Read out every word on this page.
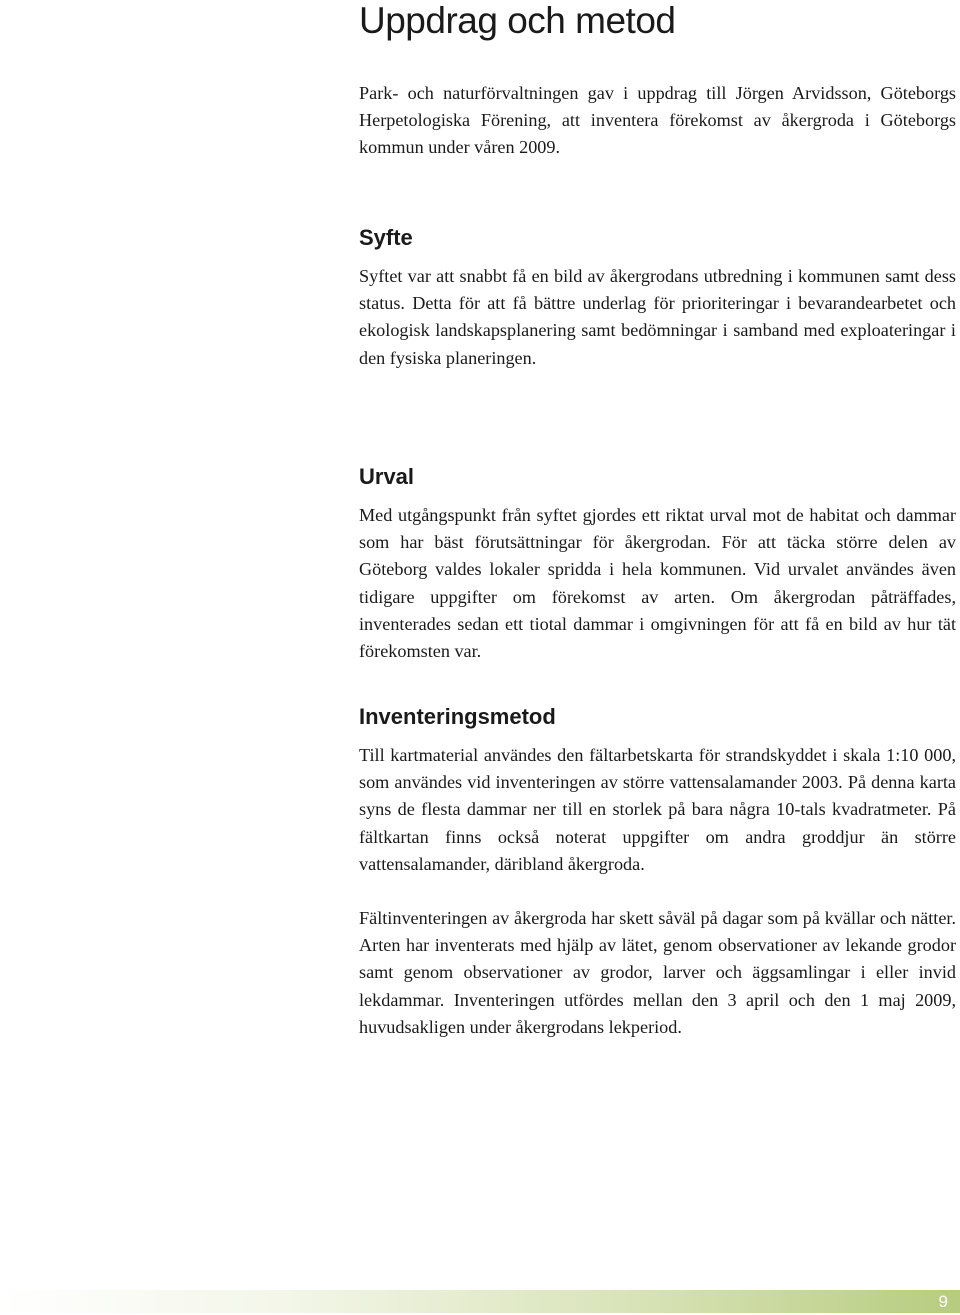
Uppdrag och metod

Park- och naturförvaltningen gav i uppdrag till Jörgen Arvidsson, Göteborgs Herpetologiska Förening, att inventera förekomst av åkergroda i Göteborgs kommun under våren 2009.

Syfte

Syftet var att snabbt få en bild av åkergrodans utbredning i kommunen samt dess status. Detta för att få bättre underlag för prioriteringar i bevarandearbetet och ekologisk landskapsplanering samt bedömningar i samband med exploateringar i den fysiska planeringen.

Urval

Med utgångspunkt från syftet gjordes ett riktat urval mot de habitat och dammar som har bäst förutsättningar för åkergrodan. För att täcka större delen av Göteborg valdes lokaler spridda i hela kommunen. Vid urvalet användes även tidigare uppgifter om förekomst av arten. Om åkergrodan påträffades, inventerades sedan ett tiotal dammar i omgivningen för att få en bild av hur tät förekomsten var.

Inventeringsmetod

Till kartmaterial användes den fältarbetskarta för strandskyddet i skala 1:10 000, som användes vid inventeringen av större vattensalamander 2003. På denna karta syns de flesta dammar ner till en storlek på bara några 10-tals kvadratmeter. På fältkartan finns också noterat uppgifter om andra groddjur än större vattensalamander, däribland åkergroda.

Fältinventeringen av åkergroda har skett såväl på dagar som på kvällar och nätter. Arten har inventerats med hjälp av lätet, genom observationer av lekande grodor samt genom observationer av grodor, larver och äggsamlingar i eller invid lekdammar. Inventeringen utfördes mellan den 3 april och den 1 maj 2009, huvudsakligen under åkergrodans lekperiod.

9
